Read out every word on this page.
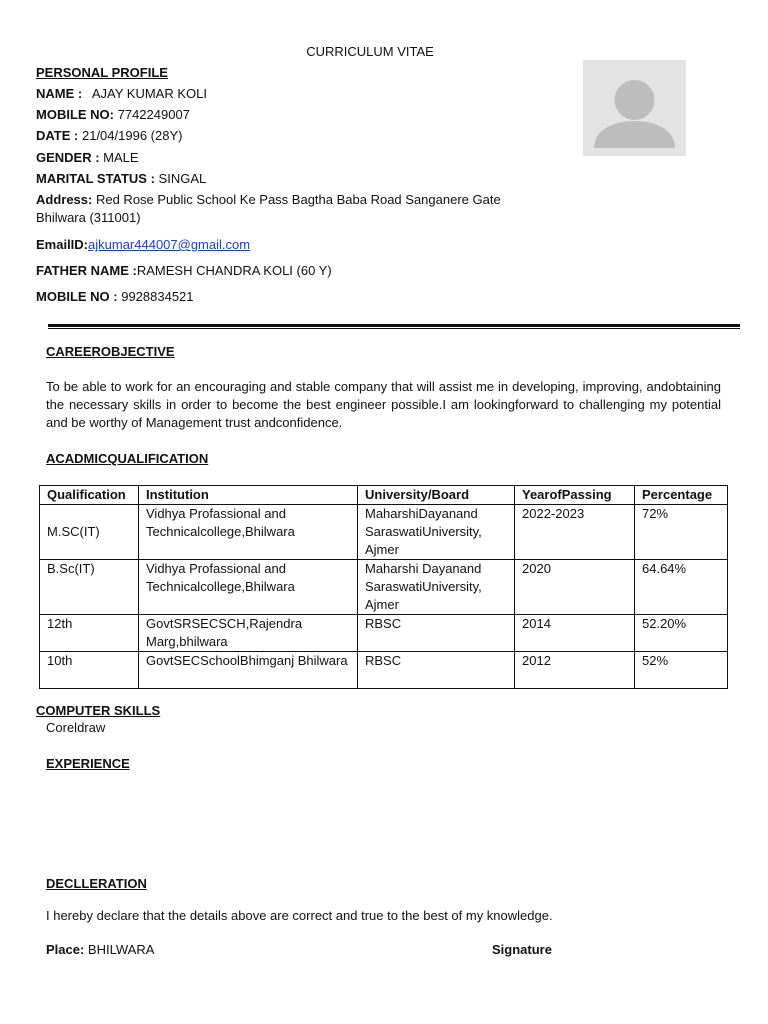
CURRICULUM VITAE
PERSONAL PROFILE
NAME : AJAY KUMAR KOLI
MOBILE NO: 7742249007
DATE : 21/04/1996 (28Y)
GENDER : MALE
MARITAL STATUS : SINGAL
Address: Red Rose Public School Ke Pass Bagtha Baba Road Sanganere Gate
Bhilwara (311001)
EmailID:ajkumar444007@gmail.com
FATHER NAME :RAMESH CHANDRA KOLI (60 Y)
MOBILE NO : 9928834521
CAREEROBJECTIVE
To be able to work for an encouraging and stable company that will assist me in developing, improving, andobtaining the necessary skills in order to become the best engineer possible.I am lookingforward to challenging my potential and be worthy of Management trust andconfidence.
ACADMICQUALIFICATION
Qualification	Institution	University/Board	YearofPassing	Percentage
M.SC(IT)	Vidhya Profassional and Technicalcollege,Bhilwara	MaharshiDayanand SaraswatiUniversity, Ajmer	2022-2023	72%
B.Sc(IT)	Vidhya Profassional and Technicalcollege,Bhilwara	Maharshi Dayanand SaraswatiUniversity, Ajmer	2020	64.64%
12th	GovtSRSECSCH,Rajendra Marg,bhilwara	RBSC	2014	52.20%
10th	GovtSECSchoolBhimganj Bhilwara	RBSC	2012	52%
COMPUTER SKILLS
Coreldraw
EXPERIENCE
DECLLERATION
I hereby declare that the details above are correct and true to the best of my knowledge.
Place: BHILWARA	Signature
